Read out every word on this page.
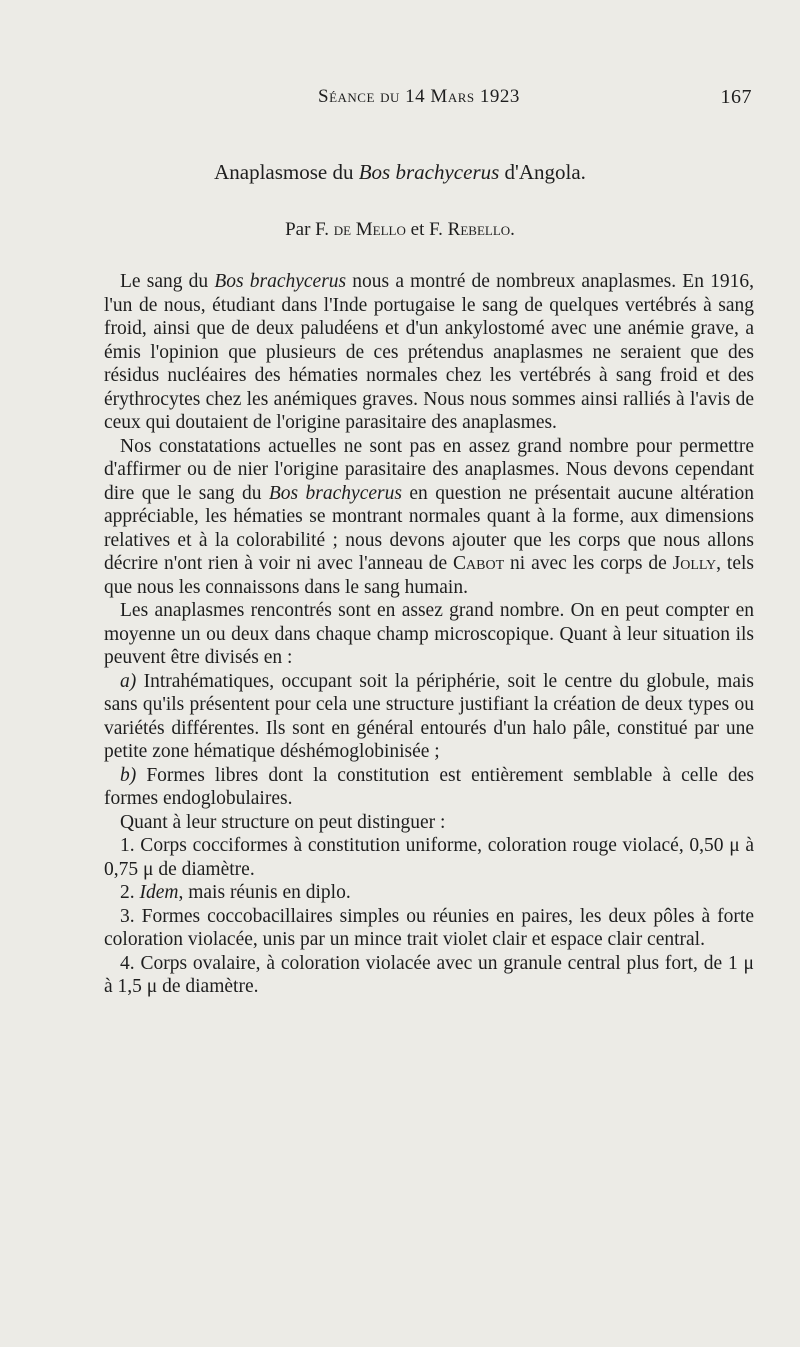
Séance du 14 Mars 1923	167
Anaplasmose du Bos brachycerus d'Angola.
Par F. de Mello et F. Rebello.

Le sang du Bos brachycerus nous a montré de nombreux anaplasmes. En 1916, l'un de nous, étudiant dans l'Inde portugaise le sang de quelques vertébrés à sang froid, ainsi que de deux paludéens et d'un ankylostomé avec une anémie grave, a émis l'opinion que plusieurs de ces prétendus anaplasmes ne seraient que des résidus nucléaires des hématies normales chez les vertébrés à sang froid et des érythrocytes chez les anémiques graves. Nous nous sommes ainsi ralliés à l'avis de ceux qui doutaient de l'origine parasitaire des anaplasmes.

Nos constatations actuelles ne sont pas en assez grand nombre pour permettre d'affirmer ou de nier l'origine parasitaire des anaplasmes. Nous devons cependant dire que le sang du Bos brachycerus en question ne présentait aucune altération appréciable, les hématies se montrant normales quant à la forme, aux dimensions relatives et à la colorabilité ; nous devons ajouter que les corps que nous allons décrire n'ont rien à voir ni avec l'anneau de Cabot ni avec les corps de Jolly, tels que nous les connaissons dans le sang humain.

Les anaplasmes rencontrés sont en assez grand nombre. On en peut compter en moyenne un ou deux dans chaque champ microscopique. Quant à leur situation ils peuvent être divisés en :

a) Intrahématiques, occupant soit la périphérie, soit le centre du globule, mais sans qu'ils présentent pour cela une structure justifiant la création de deux types ou variétés différentes. Ils sont en général entourés d'un halo pâle, constitué par une petite zone hématique déshémoglobinisée ;

b) Formes libres dont la constitution est entièrement semblable à celle des formes endoglobulaires.

Quant à leur structure on peut distinguer :

1. Corps cocciformes à constitution uniforme, coloration rouge violacé, 0,50 μ à 0,75 μ de diamètre.

2. Idem, mais réunis en diplo.

3. Formes coccobacillaires simples ou réunies en paires, les deux pôles à forte coloration violacée, unis par un mince trait violet clair et espace clair central.

4. Corps ovalaire, à coloration violacée avec un granule central plus fort, de 1 μ à 1,5 μ de diamètre.
